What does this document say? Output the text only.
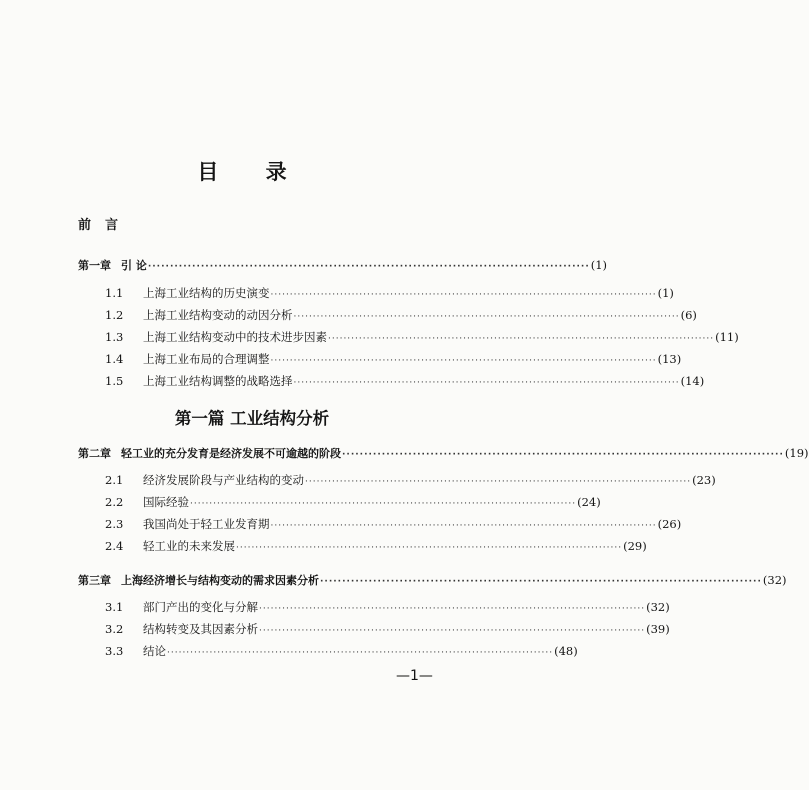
目 录
前言
第一章 引 论 ···································································································· (1)
1.1 上海工业结构的历史演变 ···································································································· (1)
1.2 上海工业结构变动的动因分析 ···································································································· (6)
1.3 上海工业结构变动中的技术进步因素 ···································································································· (11)
1.4 上海工业布局的合理调整 ···································································································· (13)
1.5 上海工业结构调整的战略选择 ···································································································· (14)
第一篇 工业结构分析
第二章 轻工业的充分发育是经济发展不可逾越的阶段 ···································································································· (19)
2.1 经济发展阶段与产业结构的变动 ···································································································· (23)
2.2 国际经验 ···································································································· (24)
2.3 我国尚处于轻工业发育期 ···································································································· (26)
2.4 轻工业的未来发展 ···································································································· (29)
第三章 上海经济增长与结构变动的需求因素分析 ···································································································· (32)
3.1 部门产出的变化与分解 ···································································································· (32)
3.2 结构转变及其因素分析 ···································································································· (39)
3.3 结论 ···································································································· (48)
—1—
